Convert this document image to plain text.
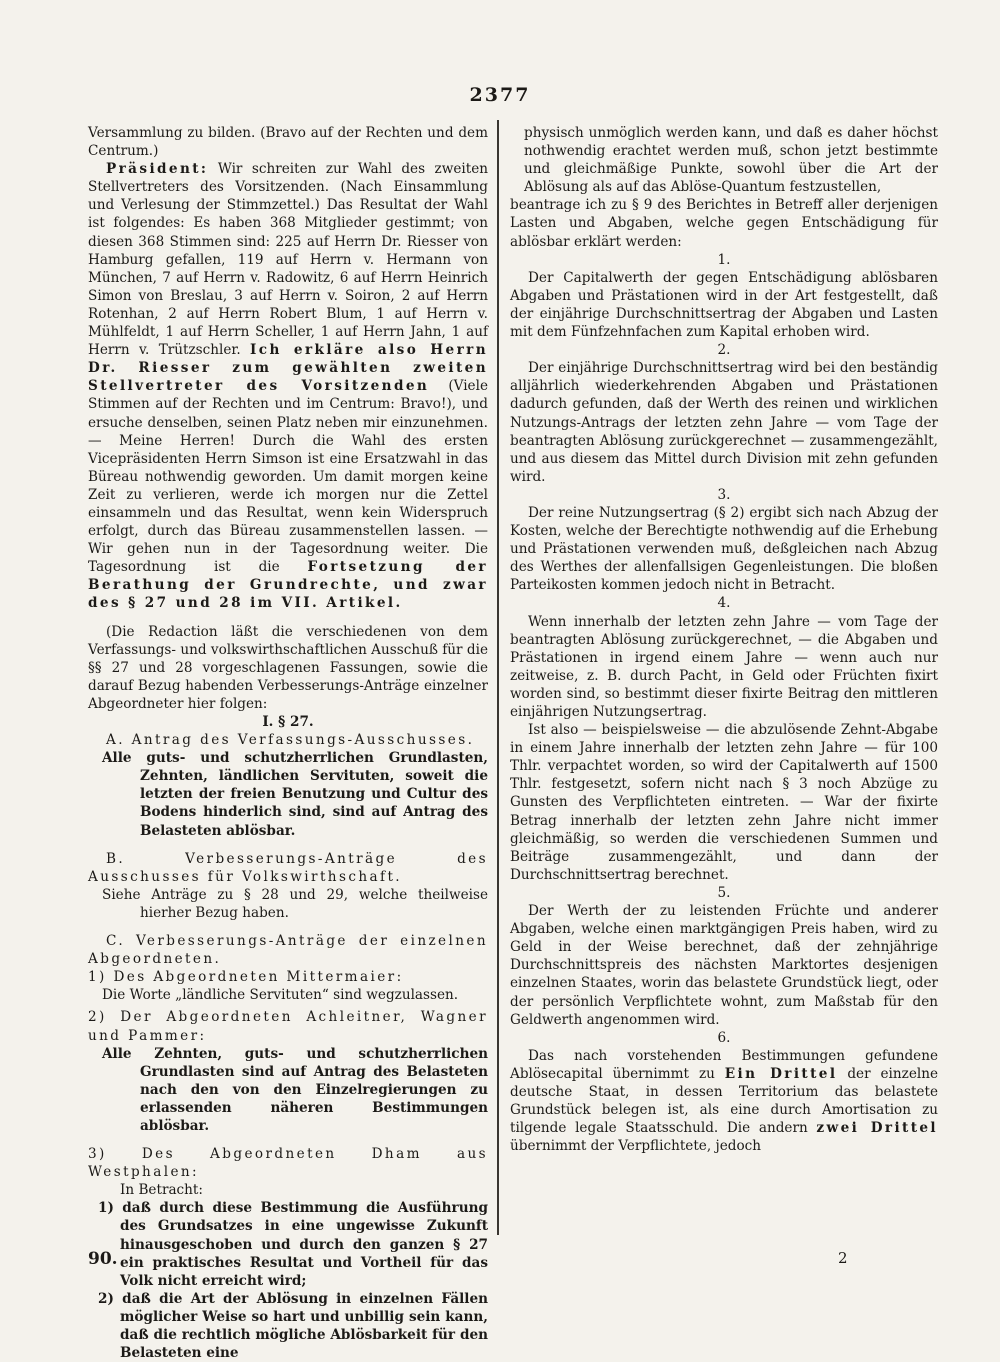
2377

Versammlung zu bilden. (Bravo auf der Rechten und dem Centrum.)

Präsident: Wir schreiten zur Wahl des zweiten Stellvertreters des Vorsitzenden. (Nach Einsammlung und Verlesung der Stimmzettel.) Das Resultat der Wahl ist folgendes: Es haben 368 Mitglieder gestimmt; von diesen 368 Stimmen sind: 225 auf Herrn Dr. Riesser von Hamburg gefallen, 119 auf Herrn v. Hermann von München, 7 auf Herrn v. Radowitz, 6 auf Herrn Heinrich Simon von Breslau, 3 auf Herrn v. Soiron, 2 auf Herrn Rotenhan, 2 auf Herrn Robert Blum, 1 auf Herrn v. Mühlfeldt, 1 auf Herrn Scheller, 1 auf Herrn Jahn, 1 auf Herrn v. Trützschler. Ich erkläre also Herrn Dr. Riesser zum gewählten zweiten Stellvertreter des Vorsitzenden (Viele Stimmen auf der Rechten und im Centrum: Bravo!), und ersuche denselben, seinen Platz neben mir einzunehmen. — Meine Herren! Durch die Wahl des ersten Vicepräsidenten Herrn Simson ist eine Ersatzwahl in das Büreau nothwendig geworden. Um damit morgen keine Zeit zu verlieren, werde ich morgen nur die Zettel einsammeln und das Resultat, wenn kein Widerspruch erfolgt, durch das Büreau zusammenstellen lassen. — Wir gehen nun in der Tagesordnung weiter. Die Tagesordnung ist die Fortsetzung der Berathung der Grundrechte, und zwar des § 27 und 28 im VII. Artikel.

(Die Redaction läßt die verschiedenen von dem Verfassungs- und volkswirthschaftlichen Ausschuß für die §§ 27 und 28 vorgeschlagenen Fassungen, sowie die darauf Bezug habenden Verbesserungs-Anträge einzelner Abgeordneter hier folgen:

I. § 27.

A. Antrag des Verfassungs-Ausschusses.

Alle guts- und schutzherrlichen Grundlasten, Zehnten, ländlichen Servituten, soweit die letzten der freien Benutzung und Cultur des Bodens hinderlich sind, sind auf Antrag des Belasteten ablösbar.

B. Verbesserungs-Anträge des Ausschusses für Volkswirthschaft.

Siehe Anträge zu § 28 und 29, welche theilweise hierher Bezug haben.

C. Verbesserungs-Anträge der einzelnen Abgeordneten.

1) Des Abgeordneten Mittermaier:

Die Worte „ländliche Servituten“ sind wegzulassen.

2) Der Abgeordneten Achleitner, Wagner und Pammer:

Alle Zehnten, guts- und schutzherrlichen Grundlasten sind auf Antrag des Belasteten nach den von den Einzelregierungen zu erlassenden näheren Bestimmungen ablösbar.

3) Des Abgeordneten Dham aus Westphalen:

In Betracht:

1) daß durch diese Bestimmung die Ausführung des Grundsatzes in eine ungewisse Zukunft hinausgeschoben und durch den ganzen § 27 ein praktisches Resultat und Vortheil für das Volk nicht erreicht wird;

2) daß die Art der Ablösung in einzelnen Fällen möglicher Weise so hart und unbillig sein kann, daß die rechtlich mögliche Ablösbarkeit für den Belasteten eine

physisch unmöglich werden kann, und daß es daher höchst nothwendig erachtet werden muß, schon jetzt bestimmte und gleichmäßige Punkte, sowohl über die Art der Ablösung als auf das Ablöse-Quantum festzustellen,

beantrage ich zu § 9 des Berichtes in Betreff aller derjenigen Lasten und Abgaben, welche gegen Entschädigung für ablösbar erklärt werden:

1.

Der Capitalwerth der gegen Entschädigung ablösbaren Abgaben und Prästationen wird in der Art festgestellt, daß der einjährige Durchschnittsertrag der Abgaben und Lasten mit dem Fünfzehnfachen zum Kapital erhoben wird.

2.

Der einjährige Durchschnittsertrag wird bei den beständig alljährlich wiederkehrenden Abgaben und Prästationen dadurch gefunden, daß der Werth des reinen und wirklichen Nutzungs-Antrags der letzten zehn Jahre — vom Tage der beantragten Ablösung zurückgerechnet — zusammengezählt, und aus diesem das Mittel durch Division mit zehn gefunden wird.

3.

Der reine Nutzungsertrag (§ 2) ergibt sich nach Abzug der Kosten, welche der Berechtigte nothwendig auf die Erhebung und Prästationen verwenden muß, deßgleichen nach Abzug des Werthes der allenfallsigen Gegenleistungen. Die bloßen Parteikosten kommen jedoch nicht in Betracht.

4.

Wenn innerhalb der letzten zehn Jahre — vom Tage der beantragten Ablösung zurückgerechnet, — die Abgaben und Prästationen in irgend einem Jahre — wenn auch nur zeitweise, z. B. durch Pacht, in Geld oder Früchten fixirt worden sind, so bestimmt dieser fixirte Beitrag den mittleren einjährigen Nutzungsertrag.

Ist also — beispielsweise — die abzulösende Zehnt-Abgabe in einem Jahre innerhalb der letzten zehn Jahre — für 100 Thlr. verpachtet worden, so wird der Capitalwerth auf 1500 Thlr. festgesetzt, sofern nicht nach § 3 noch Abzüge zu Gunsten des Verpflichteten eintreten. — War der fixirte Betrag innerhalb der letzten zehn Jahre nicht immer gleichmäßig, so werden die verschiedenen Summen und Beiträge zusammengezählt, und dann der Durchschnittsertrag berechnet.

5.

Der Werth der zu leistenden Früchte und anderer Abgaben, welche einen marktgängigen Preis haben, wird zu Geld in der Weise berechnet, daß der zehnjährige Durchschnittspreis des nächsten Marktortes desjenigen einzelnen Staates, worin das belastete Grundstück liegt, oder der persönlich Verpflichtete wohnt, zum Maßstab für den Geldwerth angenommen wird.

6.

Das nach vorstehenden Bestimmungen gefundene Ablösecapital übernimmt zu Ein Drittel der einzelne deutsche Staat, in dessen Territorium das belastete Grundstück belegen ist, als eine durch Amortisation zu tilgende legale Staatsschuld. Die andern zwei Drittel übernimmt der Verpflichtete, jedoch

90.	2
